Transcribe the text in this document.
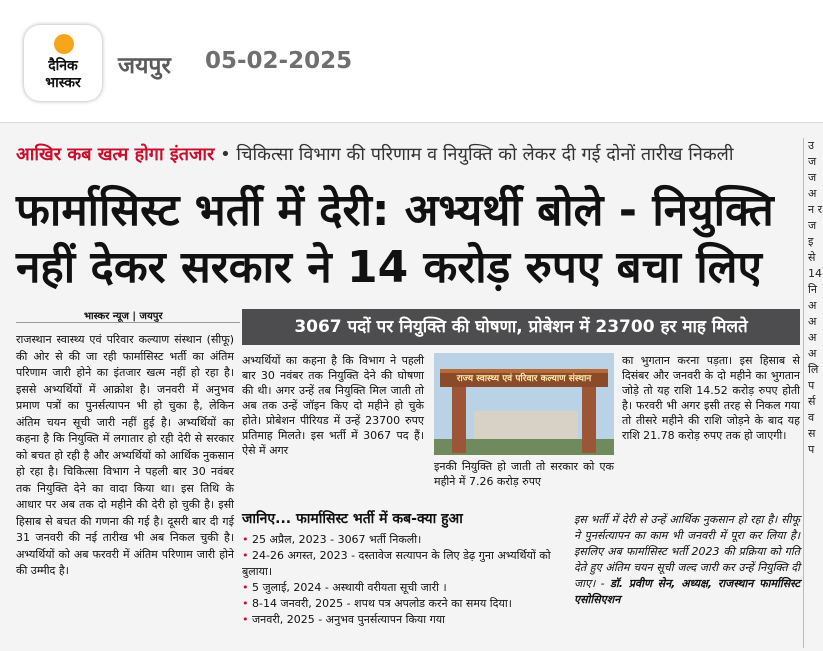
दैनिक
भास्कर
जयपुर 05-02-2025
आखिर कब खत्म होगा इंतजार • चिकित्सा विभाग की परिणाम व नियुक्ति को लेकर दी गई दोनों तारीख निकली
फार्मासिस्ट भर्ती में देरी: अभ्यर्थी बोले - नियुक्ति
नहीं देकर सरकार ने 14 करोड़ रुपए बचा लिए
भास्कर न्यूज | जयपुर
राजस्थान स्वास्थ्य एवं परिवार कल्याण संस्थान (सीफू) की ओर से की जा रही फार्मासिस्ट भर्ती का अंतिम परिणाम जारी होने का इंतजार खत्म नहीं हो रहा है। इससे अभ्यर्थियों में आक्रोश है। जनवरी में अनुभव प्रमाण पत्रों का पुनर्सत्यापन भी हो चुका है, लेकिन अंतिम चयन सूची जारी नहीं हुई है। अभ्यर्थियों का कहना है कि नियुक्ति में लगातार हो रही देरी से सरकार को बचत हो रही है और अभ्यर्थियों को आर्थिक नुकसान हो रहा है। चिकित्सा विभाग ने पहली बार 30 नवंबर तक नियुक्ति देने का वादा किया था। इस तिथि के आधार पर अब तक दो महीने की देरी हो चुकी है। इसी हिसाब से बचत की गणना की गई है। दूसरी बार दी गई 31 जनवरी की नई तारीख भी अब निकल चुकी है। अभ्यर्थियों को अब फरवरी में अंतिम परिणाम जारी होने की उम्मीद है।
3067 पदों पर नियुक्ति की घोषणा, प्रोबेशन में 23700 हर माह मिलते
अभ्यर्थियों का कहना है कि विभाग ने पहली बार 30 नवंबर तक नियुक्ति देने की घोषणा की थी। अगर उन्हें तब नियुक्ति मिल जाती तो अब तक उन्हें जॉइन किए दो महीने हो चुके होते। प्रोबेशन पीरियड में उन्हें 23700 रुपए प्रतिमाह मिलते। इस भर्ती में 3067 पद हैं। ऐसे में अगर
राज्य स्वास्थ्य एवं परिवार कल्याण संस्थान
इनकी नियुक्ति हो जाती तो सरकार को एक महीने में 7.26 करोड़ रुपए
का भुगतान करना पड़ता। इस हिसाब से दिसंबर और जनवरी के दो महीने का भुगतान जोड़े तो यह राशि 14.52 करोड़ रुपए होती है। फरवरी भी अगर इसी तरह से निकल गया तो तीसरे महीने की राशि जोड़ने के बाद यह राशि 21.78 करोड़ रुपए तक हो जाएगी।
जानिए... फार्मासिस्ट भर्ती में कब-क्या हुआ
• 25 अप्रैल, 2023 - 3067 भर्ती निकली।
• 24-26 अगस्त, 2023 - दस्तावेज सत्यापन के लिए डेढ़ गुना अभ्यर्थियों को बुलाया।
• 5 जुलाई, 2024 - अस्थायी वरीयता सूची जारी ।
• 8-14 जनवरी, 2025 - शपथ पत्र अपलोड करने का समय दिया।
• जनवरी, 2025 - अनुभव पुनर्सत्यापन किया गया
इस भर्ती में देरी से उन्हें आर्थिक नुकसान हो रहा है। सीफू ने पुनर्सत्यापन का काम भी जनवरी में पूरा कर लिया है। इसलिए अब फार्मासिस्ट भर्ती 2023 की प्रक्रिया को गति देते हुए अंतिम चयन सूची जल्द जारी कर उन्हें नियुक्ति दी जाए। - डॉ. प्रवीण सेन, अध्यक्ष, राजस्थान फार्मासिस्ट एसोसिएशन
उ ज ज अ न र ज इ से 14 नि अ अ अ अ लि प र्स व स प
